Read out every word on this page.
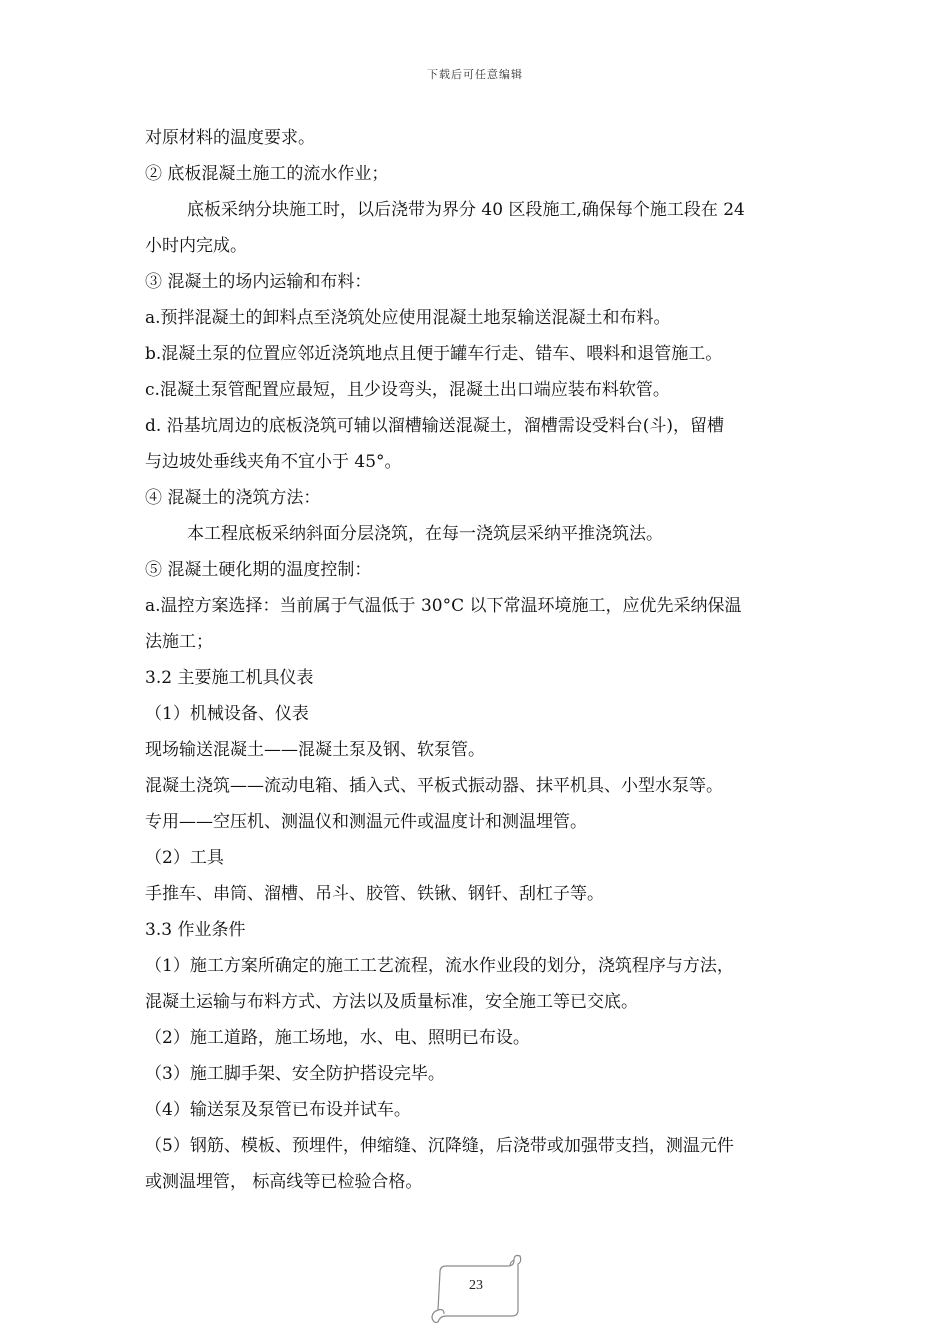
下载后可任意编辑
对原材料的温度要求。
② 底板混凝土施工的流水作业；
底板采纳分块施工时，以后浇带为界分 40 区段施工,确保每个施工段在 24
小时内完成。
③ 混凝土的场内运输和布料：
a.预拌混凝土的卸料点至浇筑处应使用混凝土地泵输送混凝土和布料。
b.混凝土泵的位置应邻近浇筑地点且便于罐车行走、错车、喂料和退管施工。
c.混凝土泵管配置应最短，且少设弯头，混凝土出口端应装布料软管。
d. 沿基坑周边的底板浇筑可辅以溜槽输送混凝土，溜槽需设受料台(斗)，留槽
与边坡处垂线夹角不宜小于 45°。
④ 混凝土的浇筑方法：
本工程底板采纳斜面分层浇筑，在每一浇筑层采纳平推浇筑法。
⑤ 混凝土硬化期的温度控制：
a.温控方案选择：当前属于气温低于 30°C 以下常温环境施工，应优先采纳保温
法施工；
3.2 主要施工机具仪表
（1）机械设备、仪表
现场输送混凝土——混凝土泵及钢、软泵管。
混凝土浇筑——流动电箱、插入式、平板式振动器、抹平机具、小型水泵等。
专用——空压机、测温仪和测温元件或温度计和测温埋管。
（2）工具
手推车、串筒、溜槽、吊斗、胶管、铁锹、钢钎、刮杠子等。
3.3 作业条件
（1）施工方案所确定的施工工艺流程，流水作业段的划分，浇筑程序与方法，
混凝土运输与布料方式、方法以及质量标准，安全施工等已交底。
（2）施工道路，施工场地，水、电、照明已布设。
（3）施工脚手架、安全防护搭设完毕。
（4）输送泵及泵管已布设并试车。
（5）钢筋、模板、预埋件，伸缩缝、沉降缝，后浇带或加强带支挡，测温元件
或测温埋管， 标高线等已检验合格。
23
